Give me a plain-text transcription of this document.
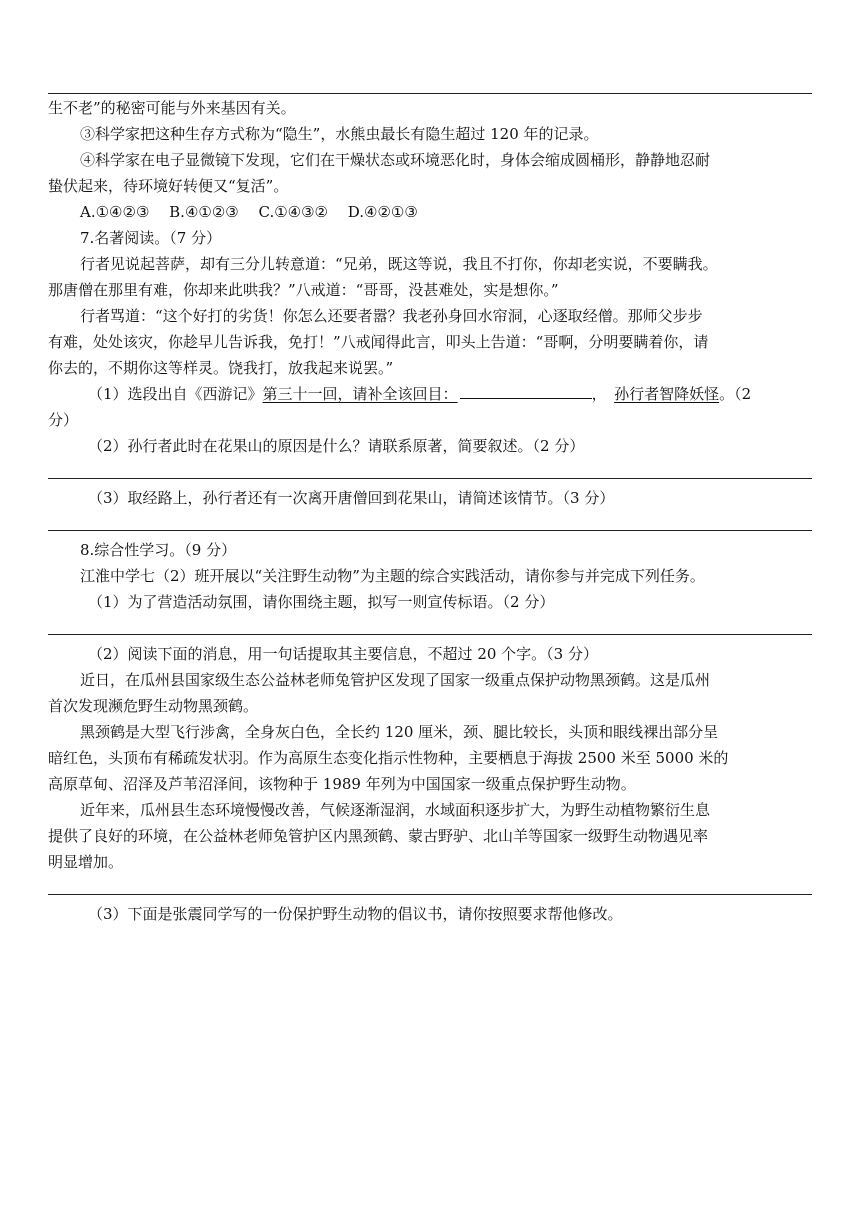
生不老”的秘密可能与外来基因有关。
③科学家把这种生存方式称为“隐生”，水熊虫最长有隐生超过 120 年的记录。
④科学家在电子显微镜下发现，它们在干燥状态或环境恶化时，身体会缩成圆桶形，静静地忍耐
蛰伏起来，待环境好转便又“复活”。
A.①④②③　 B.④①②③　 C.①④③②　 D.④②①③
7.名著阅读。（7 分）
行者见说起菩萨，却有三分儿转意道：“兄弟，既这等说，我且不打你，你却老实说，不要瞒我。
那唐僧在那里有难，你却来此哄我？”八戒道：“哥哥，没甚难处，实是想你。”
行者骂道：“这个好打的劣货！你怎么还要者嚣？我老孙身回水帘洞，心逐取经僧。那师父步步
有难，处处该灾，你趁早儿告诉我，免打！”八戒闻得此言，叩头上告道：“哥啊，分明要瞒着你，请
你去的，不期你这等样灵。饶我打，放我起来说罢。”
（1）选段出自《西游记》第三十一回，请补全该回目：	，　 孙行者智降妖怪。（2
分）
（2）孙行者此时在花果山的原因是什么？请联系原著，简要叙述。（2 分）
（3）取经路上，孙行者还有一次离开唐僧回到花果山，请简述该情节。（3 分）
8.综合性学习。（9 分）
江淮中学七（2）班开展以“关注野生动物”为主题的综合实践活动，请你参与并完成下列任务。
（1）为了营造活动氛围，请你围绕主题，拟写一则宣传标语。（2 分）
（2）阅读下面的消息，用一句话提取其主要信息，不超过 20 个字。（3 分）
近日，在瓜州县国家级生态公益林老师兔管护区发现了国家一级重点保护动物黑颈鹤。这是瓜州
首次发现濒危野生动物黑颈鹤。
黑颈鹤是大型飞行涉禽，全身灰白色，全长约 120 厘米，颈、腿比较长，头顶和眼线裸出部分呈
暗红色，头顶布有稀疏发状羽。作为高原生态变化指示性物种，主要栖息于海拔 2500 米至 5000 米的
高原草甸、沼泽及芦苇沼泽间，该物种于 1989 年列为中国国家一级重点保护野生动物。
近年来，瓜州县生态环境慢慢改善，气候逐渐湿润，水域面积逐步扩大，为野生动植物繁衍生息
提供了良好的环境，在公益林老师兔管护区内黑颈鹤、蒙古野驴、北山羊等国家一级野生动物遇见率
明显增加。
（3）下面是张震同学写的一份保护野生动物的倡议书，请你按照要求帮他修改。
